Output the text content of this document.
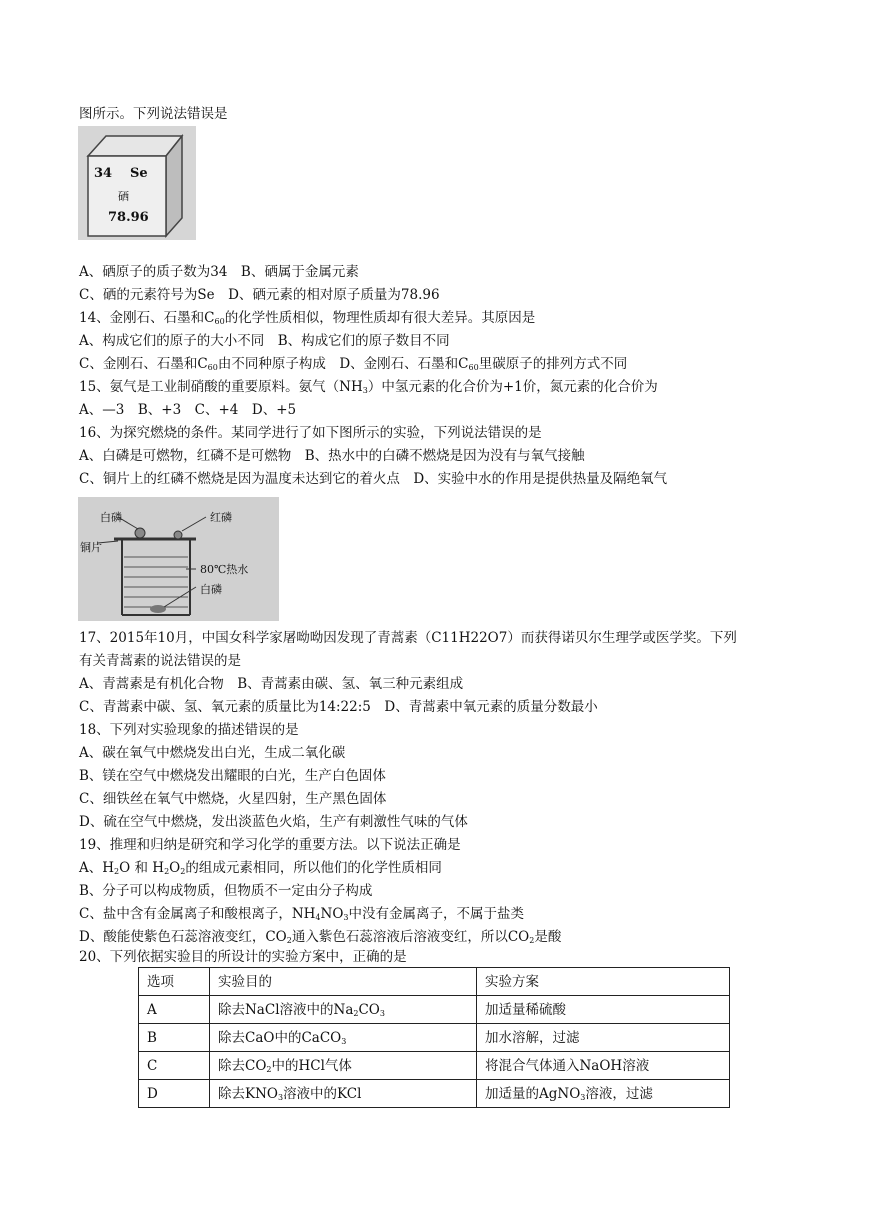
图所示。下列说法错误是
34 Se
硒
78.96
A、硒原子的质子数为34　B、硒属于金属元素
C、硒的元素符号为Se　D、硒元素的相对原子质量为78.96
14、金刚石、石墨和$C_{60}$的化学性质相似，物理性质却有很大差异。其原因是
A、构成它们的原子的大小不同　B、构成它们的原子数目不同
C、金刚石、石墨和$C_{60}$由不同种原子构成　D、金刚石、石墨和$C_{60}$里碳原子的排列方式不同
15、氨气是工业制硝酸的重要原料。氨气$(NH_3)$中氢元素的化合价为+1价，氮元素的化合价为
A、—3　B、+3　C、+4　D、+5
16、为探究燃烧的条件。某同学进行了如下图所示的实验，下列说法错误的是
A、白磷是可燃物，红磷不是可燃物　B、热水中的白磷不燃烧是因为没有与氧气接触
C、铜片上的红磷不燃烧是因为温度未达到它的着火点　D、实验中水的作用是提供热量及隔绝氧气
白磷	红磷
铜片
80℃热水
白磷
17、2015年10月，中国女科学家屠呦呦因发现了青蒿素（C11H22O7）而获得诺贝尔生理学或医学奖。下列
有关青蒿素的说法错误的是
A、青蒿素是有机化合物　B、青蒿素由碳、氢、氧三种元素组成
C、青蒿素中碳、氢、氧元素的质量比为14:22:5　D、青蒿素中氧元素的质量分数最小
18、下列对实验现象的描述错误的是
A、碳在氧气中燃烧发出白光，生成二氧化碳
B、镁在空气中燃烧发出耀眼的白光，生产白色固体
C、细铁丝在氧气中燃烧，火星四射，生产黑色固体
D、硫在空气中燃烧，发出淡蓝色火焰，生产有刺激性气味的气体
19、推理和归纳是研究和学习化学的重要方法。以下说法正确是
A、$H_2O$ 和 $H_2O_2$的组成元素相同，所以他们的化学性质相同
B、分子可以构成物质，但物质不一定由分子构成
C、盐中含有金属离子和酸根离子，$NH_4NO_3$中没有金属离子，不属于盐类
D、酸能使紫色石蕊溶液变红，$CO_2$通入紫色石蕊溶液后溶液变红，所以$CO_2$是酸
20、下列依据实验目的所设计的实验方案中，正确的是
选项	实验目的	实验方案
A	除去NaCl溶液中的$Na_2CO_3$	加适量稀硫酸
B	除去CaO中的CaCO$_3$	加水溶解，过滤
C	除去$CO_2$中的HCl气体	将混合气体通入NaOH溶液
D	除去$KNO_3$溶液中的KCl	加适量的AgNO$_3$溶液，过滤
